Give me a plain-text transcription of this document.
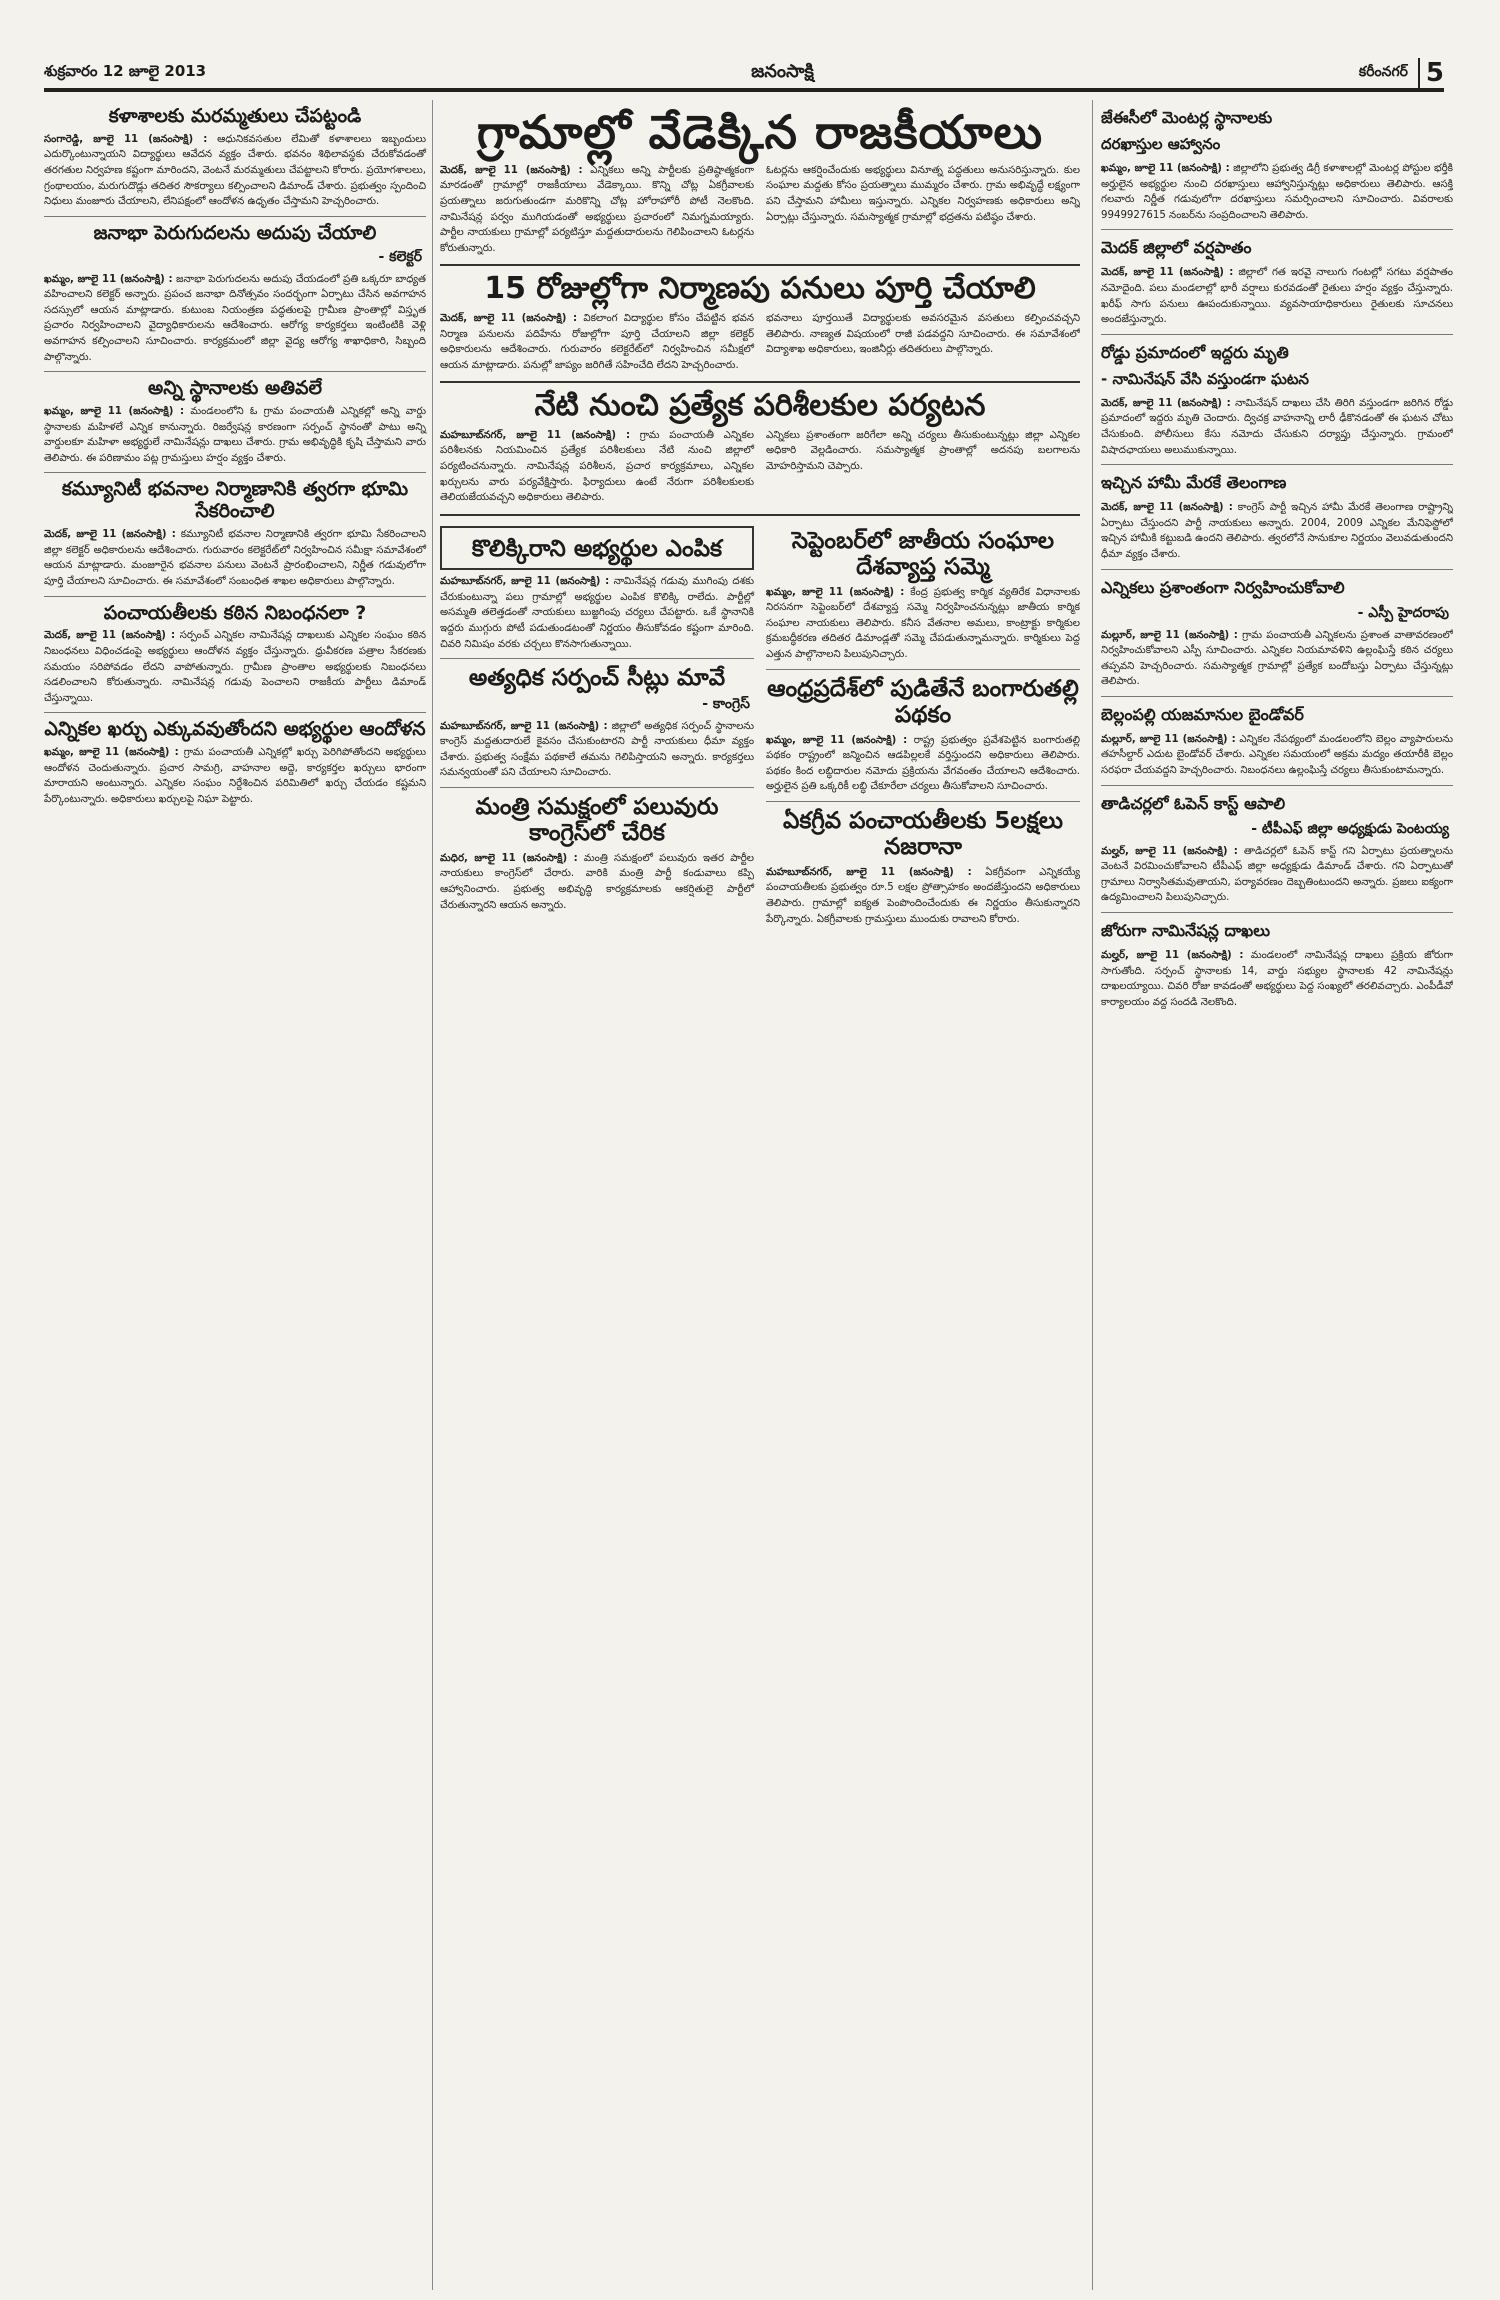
శుక్రవారం 12 జూలై 2013	జనంసాక్షి	కరీంనగర్ 5
కళాశాలకు మరమ్మతులు చేపట్టండి

సంగారెడ్డి, జూలై 11 (జనంసాక్షి) : ఆధునికవసతుల లేమితో కళాశాలలు ఇబ్బందులు ఎదుర్కొంటున్నాయని విద్యార్థులు ఆవేదన వ్యక్తం చేశారు. భవనం శిథిలావస్థకు చేరుకోవడంతో తరగతుల నిర్వహణ కష్టంగా మారిందని, వెంటనే మరమ్మతులు చేపట్టాలని కోరారు. ప్రయోగశాలలు, గ్రంథాలయం, మరుగుదొడ్లు తదితర సౌకర్యాలు కల్పించాలని డిమాండ్ చేశారు. ప్రభుత్వం స్పందించి నిధులు మంజూరు చేయాలని, లేనిపక్షంలో ఆందోళన ఉధృతం చేస్తామని హెచ్చరించారు.

జనాభా పెరుగుదలను అదుపు చేయాలి
- కలెక్టర్

ఖమ్మం, జూలై 11 (జనంసాక్షి) : జనాభా పెరుగుదలను అదుపు చేయడంలో ప్రతి ఒక్కరూ బాధ్యత వహించాలని కలెక్టర్ అన్నారు. ప్రపంచ జనాభా దినోత్సవం సందర్భంగా ఏర్పాటు చేసిన అవగాహన సదస్సులో ఆయన మాట్లాడారు. కుటుంబ నియంత్రణ పద్ధతులపై గ్రామీణ ప్రాంతాల్లో విస్తృత ప్రచారం నిర్వహించాలని వైద్యాధికారులను ఆదేశించారు. ఆరోగ్య కార్యకర్తలు ఇంటింటికి వెళ్లి అవగాహన కల్పించాలని సూచించారు. కార్యక్రమంలో జిల్లా వైద్య ఆరోగ్య శాఖాధికారి, సిబ్బంది పాల్గొన్నారు.

అన్ని స్థానాలకు అతివలే

ఖమ్మం, జూలై 11 (జనంసాక్షి) : మండలంలోని ఓ గ్రామ పంచాయతీ ఎన్నికల్లో అన్ని వార్డు స్థానాలకు మహిళలే ఎన్నిక కానున్నారు. రిజర్వేషన్ల కారణంగా సర్పంచ్ స్థానంతో పాటు అన్ని వార్డులకూ మహిళా అభ్యర్థులే నామినేషన్లు దాఖలు చేశారు. గ్రామ అభివృద్ధికి కృషి చేస్తామని వారు తెలిపారు. ఈ పరిణామం పట్ల గ్రామస్తులు హర్షం వ్యక్తం చేశారు.

కమ్యూనిటీ భవనాల నిర్మాణానికి త్వరగా భూమి సేకరించాలి

మెదక్, జూలై 11 (జనంసాక్షి) : కమ్యూనిటీ భవనాల నిర్మాణానికి త్వరగా భూమి సేకరించాలని జిల్లా కలెక్టర్ అధికారులను ఆదేశించారు. గురువారం కలెక్టరేట్‌లో నిర్వహించిన సమీక్షా సమావేశంలో ఆయన మాట్లాడారు. మంజూరైన భవనాల పనులు వెంటనే ప్రారంభించాలని, నిర్ణీత గడువులోగా పూర్తి చేయాలని సూచించారు. ఈ సమావేశంలో సంబంధిత శాఖల అధికారులు పాల్గొన్నారు.

పంచాయతీలకు కఠిన నిబంధనలా ?

మెదక్, జూలై 11 (జనంసాక్షి) : సర్పంచ్ ఎన్నికల నామినేషన్ల దాఖలుకు ఎన్నికల సంఘం కఠిన నిబంధనలు విధించడంపై అభ్యర్థులు ఆందోళన వ్యక్తం చేస్తున్నారు. ధ్రువీకరణ పత్రాల సేకరణకు సమయం సరిపోవడం లేదని వాపోతున్నారు. గ్రామీణ ప్రాంతాల అభ్యర్థులకు నిబంధనలు సడలించాలని కోరుతున్నారు. నామినేషన్ల గడువు పెంచాలని రాజకీయ పార్టీలు డిమాండ్ చేస్తున్నాయి.

ఎన్నికల ఖర్చు ఎక్కువవుతోందని అభ్యర్థుల ఆందోళన

ఖమ్మం, జూలై 11 (జనంసాక్షి) : గ్రామ పంచాయతీ ఎన్నికల్లో ఖర్చు పెరిగిపోతోందని అభ్యర్థులు ఆందోళన చెందుతున్నారు. ప్రచార సామగ్రి, వాహనాల అద్దె, కార్యకర్తల ఖర్చులు భారంగా మారాయని అంటున్నారు. ఎన్నికల సంఘం నిర్దేశించిన పరిమితిలో ఖర్చు చేయడం కష్టమని పేర్కొంటున్నారు. అధికారులు ఖర్చులపై నిఘా పెట్టారు.

గ్రామాల్లో వేడెక్కిన రాజకీయాలు

మెదక్, జూలై 11 (జనంసాక్షి) : ఎన్నికలు అన్ని పార్టీలకు ప్రతిష్ఠాత్మకంగా మారడంతో గ్రామాల్లో రాజకీయాలు వేడెక్కాయి. కొన్ని చోట్ల ఏకగ్రీవాలకు ప్రయత్నాలు జరుగుతుండగా మరికొన్ని చోట్ల హోరాహోరీ పోటీ నెలకొంది. నామినేషన్ల పర్వం ముగియడంతో అభ్యర్థులు ప్రచారంలో నిమగ్నమయ్యారు. పార్టీల నాయకులు గ్రామాల్లో పర్యటిస్తూ మద్దతుదారులను గెలిపించాలని ఓటర్లను కోరుతున్నారు.

ఓటర్లను ఆకర్షించేందుకు అభ్యర్థులు వినూత్న పద్ధతులు అనుసరిస్తున్నారు. కుల సంఘాల మద్దతు కోసం ప్రయత్నాలు ముమ్మరం చేశారు. గ్రామ అభివృద్ధే లక్ష్యంగా పని చేస్తామని హామీలు ఇస్తున్నారు. ఎన్నికల నిర్వహణకు అధికారులు అన్ని ఏర్పాట్లు చేస్తున్నారు. సమస్యాత్మక గ్రామాల్లో భద్రతను పటిష్ఠం చేశారు.

15 రోజుల్లోగా నిర్మాణపు పనులు పూర్తి చేయాలి

మెదక్, జూలై 11 (జనంసాక్షి) : వికలాంగ విద్యార్థుల కోసం చేపట్టిన భవన నిర్మాణ పనులను పదిహేను రోజుల్లోగా పూర్తి చేయాలని జిల్లా కలెక్టర్ అధికారులను ఆదేశించారు. గురువారం కలెక్టరేట్‌లో నిర్వహించిన సమీక్షలో ఆయన మాట్లాడారు. పనుల్లో జాప్యం జరిగితే సహించేది లేదని హెచ్చరించారు.

భవనాలు పూర్తయితే విద్యార్థులకు అవసరమైన వసతులు కల్పించవచ్చని తెలిపారు. నాణ్యత విషయంలో రాజీ పడవద్దని సూచించారు. ఈ సమావేశంలో విద్యాశాఖ అధికారులు, ఇంజినీర్లు తదితరులు పాల్గొన్నారు.

నేటి నుంచి ప్రత్యేక పరిశీలకుల పర్యటన

మహబూబ్‌నగర్, జూలై 11 (జనంసాక్షి) : గ్రామ పంచాయతీ ఎన్నికల పరిశీలనకు నియమించిన ప్రత్యేక పరిశీలకులు నేటి నుంచి జిల్లాలో పర్యటించనున్నారు. నామినేషన్ల పరిశీలన, ప్రచార కార్యక్రమాలు, ఎన్నికల ఖర్చులను వారు పర్యవేక్షిస్తారు. ఫిర్యాదులు ఉంటే నేరుగా పరిశీలకులకు తెలియజేయవచ్చని అధికారులు తెలిపారు.

ఎన్నికలు ప్రశాంతంగా జరిగేలా అన్ని చర్యలు తీసుకుంటున్నట్లు జిల్లా ఎన్నికల అధికారి వెల్లడించారు. సమస్యాత్మక ప్రాంతాల్లో అదనపు బలగాలను మోహరిస్తామని చెప్పారు.

కొలిక్కిరాని అభ్యర్థుల ఎంపిక

మహబూబ్‌నగర్, జూలై 11 (జనంసాక్షి) : నామినేషన్ల గడువు ముగింపు దశకు చేరుకుంటున్నా పలు గ్రామాల్లో అభ్యర్థుల ఎంపిక కొలిక్కి రాలేదు. పార్టీల్లో అసమ్మతి తలెత్తడంతో నాయకులు బుజ్జగింపు చర్యలు చేపట్టారు. ఒకే స్థానానికి ఇద్దరు ముగ్గురు పోటీ పడుతుండటంతో నిర్ణయం తీసుకోవడం కష్టంగా మారింది. చివరి నిమిషం వరకు చర్చలు కొనసాగుతున్నాయి.

అత్యధిక సర్పంచ్ సీట్లు మావే
- కాంగ్రెస్

మహబూబ్‌నగర్, జూలై 11 (జనంసాక్షి) : జిల్లాలో అత్యధిక సర్పంచ్ స్థానాలను కాంగ్రెస్ మద్దతుదారులే కైవసం చేసుకుంటారని పార్టీ నాయకులు ధీమా వ్యక్తం చేశారు. ప్రభుత్వ సంక్షేమ పథకాలే తమను గెలిపిస్తాయని అన్నారు. కార్యకర్తలు సమన్వయంతో పని చేయాలని సూచించారు.

మంత్రి సమక్షంలో పలువురు కాంగ్రెస్‌లో చేరిక

మధిర, జూలై 11 (జనంసాక్షి) : మంత్రి సమక్షంలో పలువురు ఇతర పార్టీల నాయకులు కాంగ్రెస్‌లో చేరారు. వారికి మంత్రి పార్టీ కండువాలు కప్పి ఆహ్వానించారు. ప్రభుత్వ అభివృద్ధి కార్యక్రమాలకు ఆకర్షితులై పార్టీలో చేరుతున్నారని ఆయన అన్నారు.

సెప్టెంబర్‌లో జాతీయ సంఘాల దేశవ్యాప్త సమ్మె

ఖమ్మం, జూలై 11 (జనంసాక్షి) : కేంద్ర ప్రభుత్వ కార్మిక వ్యతిరేక విధానాలకు నిరసనగా సెప్టెంబర్‌లో దేశవ్యాప్త సమ్మె నిర్వహించనున్నట్లు జాతీయ కార్మిక సంఘాల నాయకులు తెలిపారు. కనీస వేతనాల అమలు, కాంట్రాక్టు కార్మికుల క్రమబద్ధీకరణ తదితర డిమాండ్లతో సమ్మె చేపడుతున్నామన్నారు. కార్మికులు పెద్ద ఎత్తున పాల్గొనాలని పిలుపునిచ్చారు.

ఆంధ్రప్రదేశ్‌లో పుడితేనే బంగారుతల్లి పథకం

ఖమ్మం, జూలై 11 (జనంసాక్షి) : రాష్ట్ర ప్రభుత్వం ప్రవేశపెట్టిన బంగారుతల్లి పథకం రాష్ట్రంలో జన్మించిన ఆడపిల్లలకే వర్తిస్తుందని అధికారులు తెలిపారు. పథకం కింద లబ్ధిదారుల నమోదు ప్రక్రియను వేగవంతం చేయాలని ఆదేశించారు. అర్హులైన ప్రతి ఒక్కరికీ లబ్ధి చేకూరేలా చర్యలు తీసుకోవాలని సూచించారు.

ఏకగ్రీవ పంచాయతీలకు 5లక్షలు నజరానా

మహబూబ్‌నగర్, జూలై 11 (జనంసాక్షి) : ఏకగ్రీవంగా ఎన్నికయ్యే పంచాయతీలకు ప్రభుత్వం రూ.5 లక్షల ప్రోత్సాహకం అందజేస్తుందని అధికారులు తెలిపారు. గ్రామాల్లో ఐక్యత పెంపొందించేందుకు ఈ నిర్ణయం తీసుకున్నారని పేర్కొన్నారు. ఏకగ్రీవాలకు గ్రామస్తులు ముందుకు రావాలని కోరారు.

జేఈసీలో మెంటర్ల స్థానాలకు
దరఖాస్తుల ఆహ్వానం

ఖమ్మం, జూలై 11 (జనంసాక్షి) : జిల్లాలోని ప్రభుత్వ డిగ్రీ కళాశాలల్లో మెంటర్ల పోస్టుల భర్తీకి అర్హులైన అభ్యర్థుల నుంచి దరఖాస్తులు ఆహ్వానిస్తున్నట్లు అధికారులు తెలిపారు. ఆసక్తి గలవారు నిర్ణీత గడువులోగా దరఖాస్తులు సమర్పించాలని సూచించారు. వివరాలకు 9949927615 నంబర్‌ను సంప్రదించాలని తెలిపారు.

మెదక్ జిల్లాలో వర్షపాతం

మెదక్, జూలై 11 (జనంసాక్షి) : జిల్లాలో గత ఇరవై నాలుగు గంటల్లో సగటు వర్షపాతం నమోదైంది. పలు మండలాల్లో భారీ వర్షాలు కురవడంతో రైతులు హర్షం వ్యక్తం చేస్తున్నారు. ఖరీఫ్ సాగు పనులు ఊపందుకున్నాయి. వ్యవసాయాధికారులు రైతులకు సూచనలు అందజేస్తున్నారు.

రోడ్డు ప్రమాదంలో ఇద్దరు మృతి
- నామినేషన్ వేసి వస్తుండగా ఘటన

మెదక్, జూలై 11 (జనంసాక్షి) : నామినేషన్ దాఖలు చేసి తిరిగి వస్తుండగా జరిగిన రోడ్డు ప్రమాదంలో ఇద్దరు మృతి చెందారు. ద్విచక్ర వాహనాన్ని లారీ ఢీకొనడంతో ఈ ఘటన చోటు చేసుకుంది. పోలీసులు కేసు నమోదు చేసుకుని దర్యాప్తు చేస్తున్నారు. గ్రామంలో విషాదఛాయలు అలుముకున్నాయి.

ఇచ్చిన హామీ మేరకే తెలంగాణ

మెదక్, జూలై 11 (జనంసాక్షి) : కాంగ్రెస్ పార్టీ ఇచ్చిన హామీ మేరకే తెలంగాణ రాష్ట్రాన్ని ఏర్పాటు చేస్తుందని పార్టీ నాయకులు అన్నారు. 2004, 2009 ఎన్నికల మేనిఫెస్టోలో ఇచ్చిన హామీకి కట్టుబడి ఉందని తెలిపారు. త్వరలోనే సానుకూల నిర్ణయం వెలువడుతుందని ధీమా వ్యక్తం చేశారు.

ఎన్నికలు ప్రశాంతంగా నిర్వహించుకోవాలి
- ఎస్పీ హైదరాపు

మల్లూర్, జూలై 11 (జనంసాక్షి) : గ్రామ పంచాయతీ ఎన్నికలను ప్రశాంత వాతావరణంలో నిర్వహించుకోవాలని ఎస్పీ సూచించారు. ఎన్నికల నియమావళిని ఉల్లంఘిస్తే కఠిన చర్యలు తప్పవని హెచ్చరించారు. సమస్యాత్మక గ్రామాల్లో ప్రత్యేక బందోబస్తు ఏర్పాటు చేస్తున్నట్లు తెలిపారు.

బెల్లంపల్లి యజమానుల బైండోవర్

మల్లూర్, జూలై 11 (జనంసాక్షి) : ఎన్నికల నేపథ్యంలో మండలంలోని బెల్లం వ్యాపారులను తహసీల్దార్ ఎదుట బైండోవర్ చేశారు. ఎన్నికల సమయంలో అక్రమ మద్యం తయారీకి బెల్లం సరఫరా చేయవద్దని హెచ్చరించారు. నిబంధనలు ఉల్లంఘిస్తే చర్యలు తీసుకుంటామన్నారు.

తాడిచర్లలో ఓపెన్ కాస్ట్ ఆపాలి
- టీపీఎఫ్ జిల్లా అధ్యక్షుడు పెంటయ్య

మల్హర్, జూలై 11 (జనంసాక్షి) : తాడిచర్లలో ఓపెన్ కాస్ట్ గని ఏర్పాటు ప్రయత్నాలను వెంటనే విరమించుకోవాలని టీపీఎఫ్ జిల్లా అధ్యక్షుడు డిమాండ్ చేశారు. గని ఏర్పాటుతో గ్రామాలు నిర్వాసితమవుతాయని, పర్యావరణం దెబ్బతింటుందని అన్నారు. ప్రజలు ఐక్యంగా ఉద్యమించాలని పిలుపునిచ్చారు.

జోరుగా నామినేషన్ల దాఖలు

మల్హర్, జూలై 11 (జనంసాక్షి) : మండలంలో నామినేషన్ల దాఖలు ప్రక్రియ జోరుగా సాగుతోంది. సర్పంచ్ స్థానాలకు 14, వార్డు సభ్యుల స్థానాలకు 42 నామినేషన్లు దాఖలయ్యాయి. చివరి రోజు కావడంతో అభ్యర్థులు పెద్ద సంఖ్యలో తరలివచ్చారు. ఎంపీడీవో కార్యాలయం వద్ద సందడి నెలకొంది.
